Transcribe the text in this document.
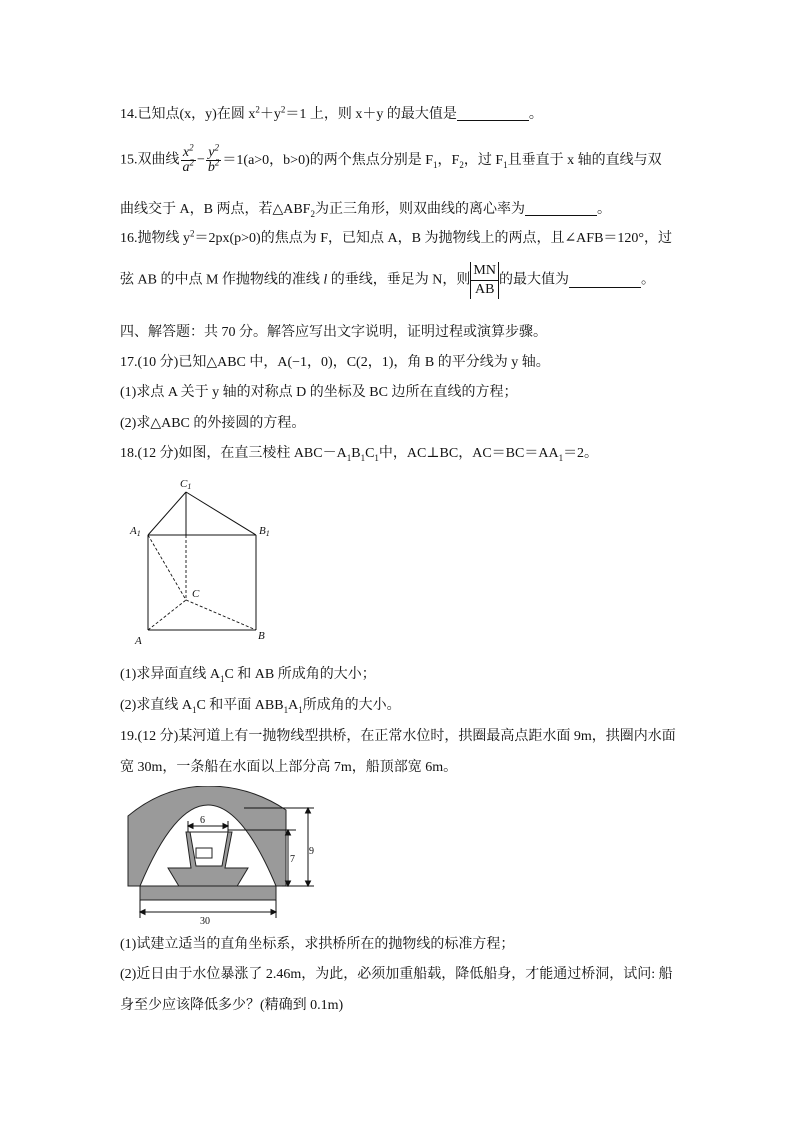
14.已知点(x，y)在圆 $x^2+y^2=1$ 上，则 x＋y 的最大值是	。
15.双曲线 $\frac{x^2}{a^2} - \frac{y^2}{b^2} =1(a>0$，b>0)的两个焦点分别是 $F_1$，$F_2$，过 $F_1$且垂直于 x 轴的直线与双
曲线交于 A，B 两点，若$\triangle ABF_2$为正三角形，则双曲线的离心率为	。
16.抛物线 $y^2=2px(p>0)$的焦点为 F，已知点 A，B 为抛物线上的两点，且∠AFB＝120°，过
弦 AB 的中点 M 作抛物线的准线 l 的垂线，垂足为 N，则 $\frac{MN}{AB}$ 的最大值为	。
四、解答题：共 70 分。解答应写出文字说明，证明过程或演算步骤。
17.(10 分)已知△ABC 中，A(−1，0)，C(2，1)，角 B 的平分线为 y 轴。
(1)求点 A 关于 y 轴的对称点 D 的坐标及 BC 边所在直线的方程；
(2)求△ABC 的外接圆的方程。
18.(12 分)如图，在直三棱柱 $ABC-A_1B_1C_1$中，AC⊥BC，$AC=BC=AA_1=2$。
C1
A1	B1
C
A	B
(1)求异面直线 $A_1C$ 和 AB 所成角的大小；
(2)求直线 $A_1C$ 和平面 $ABB_1A_1$所成角的大小。
19.(12 分)某河道上有一抛物线型拱桥，在正常水位时，拱圈最高点距水面 9m，拱圈内水面
宽 30m，一条船在水面以上部分高 7m，船顶部宽 6m。
6
7
9
30
(1)试建立适当的直角坐标系，求拱桥所在的抛物线的标准方程；
(2)近日由于水位暴涨了 2.46m，为此，必须加重船载，降低船身，才能通过桥洞，试问: 船
身至少应该降低多少？(精确到 0.1m)
